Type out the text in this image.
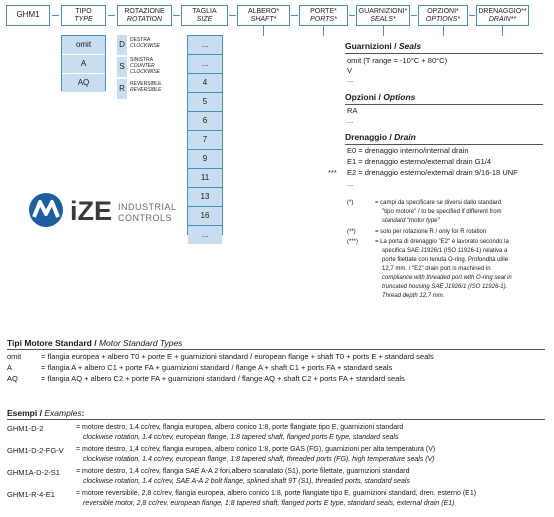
GHM1	TIPO
TYPE
ROTAZIONE
ROTATION
TAGLIA
SIZE
ALBERO*
SHAFT*
PORTE*
PORTS*
GUARNIZIONI*
SEALS*
OPZIONI*
OPTIONS*
DRENAGGIO**
DRAIN**
omit
A
AQ
D	DESTRA
CLOCKWISE
S
SINISTRA
COUNTER
CLOCKWISE
R	REVERSIBLE
REVERSIBLE
...
...
4
5
6
7
9
11
13
16
...
iZE INDUSTRIAL
CONTROLS
Guarnizioni / Seals
omit (T range = -10°C + 80°C)
V
...
Opzioni / Options
RA
...
Drenaggio / Drain
E0 = drenaggio interno/internal drain
E1 = drenaggio esterno/external drain G1/4
*** E2 = drenaggio esterno/external drain 9/16-18 UNF
...
(*)	= campi da specificare se diversi dallo standard
"tipo motore" / to be specified if different from
standard "motor type"
(**)	= solo per rotazione R / only for R rotation
(***)	= La porta di drenaggio "E2" è lavorato secondo la
specifica SAE J1926/1 (ISO 11926-1) relativa a
porte filettate con tenuta O-ring. Profondità utile
12,7 mm. / "E2" drain port is machined in
compliance with threaded port with O-ring seal in
truncated housing SAE J1926/1 (ISO 11926-1).
Thread depth 12,7 mm.
Tipi Motore Standard / Motor Standard Types
omit	= flangia europea + albero T0 + porte E + guarnizioni standard / european flange + shaft T0 + ports E + standard seals
A	= flangia A + albero C1 + porte FA + guarnizioni standard / flange A + shaft C1 + ports FA + standard seals
AQ	= flangia AQ + albero C2 + porte FA + guarnizioni standard / flange AQ + shaft C2 + ports FA + standard seals
Esempi / Examples:
GHM1-D-2	= motore destro, 1,4 cc/rev, flangia europea, albero conico 1:8, porte flangiate tipo E, guarnizioni standard
clockwise rotation, 1.4 cc/rev, european flange, 1:8 tapered shaft, flanged ports E type, standard seals
GHM1-D-2-FG-V = motore destro, 1,4 cc/rev, flangia europea, albero conico 1:8, porte GAS (FG), guarnizioni per alta temperatura (V)
clockwise rotation, 1.4 cc/rev, european flange, 1:8 tapered shaft, threaded ports (FG), high temperature seals (V)
GHM1A-D-2-S1 = motore destro, 1,4 cc/rev, flangia SAE A-A 2 fori,albero scanalato (S1), porte filettate, guarnizioni standard
clockwise rotation, 1.4 cc/rev, SAE A-A 2 bolt flange, splined shaft 9T (S1), threaded ports, standard seals
GHM1-R-4-E1	= motore reversibile, 2,8 cc/rev, flangia europea, albero conico 1:8, porte flangiate tipo E, guarnizioni standard, dren. esterno (E1)
reversible motor, 2,8 cc/rev, european flange, 1:8 tapered shaft, flanged ports E type, standard seals, external drain (E1)
